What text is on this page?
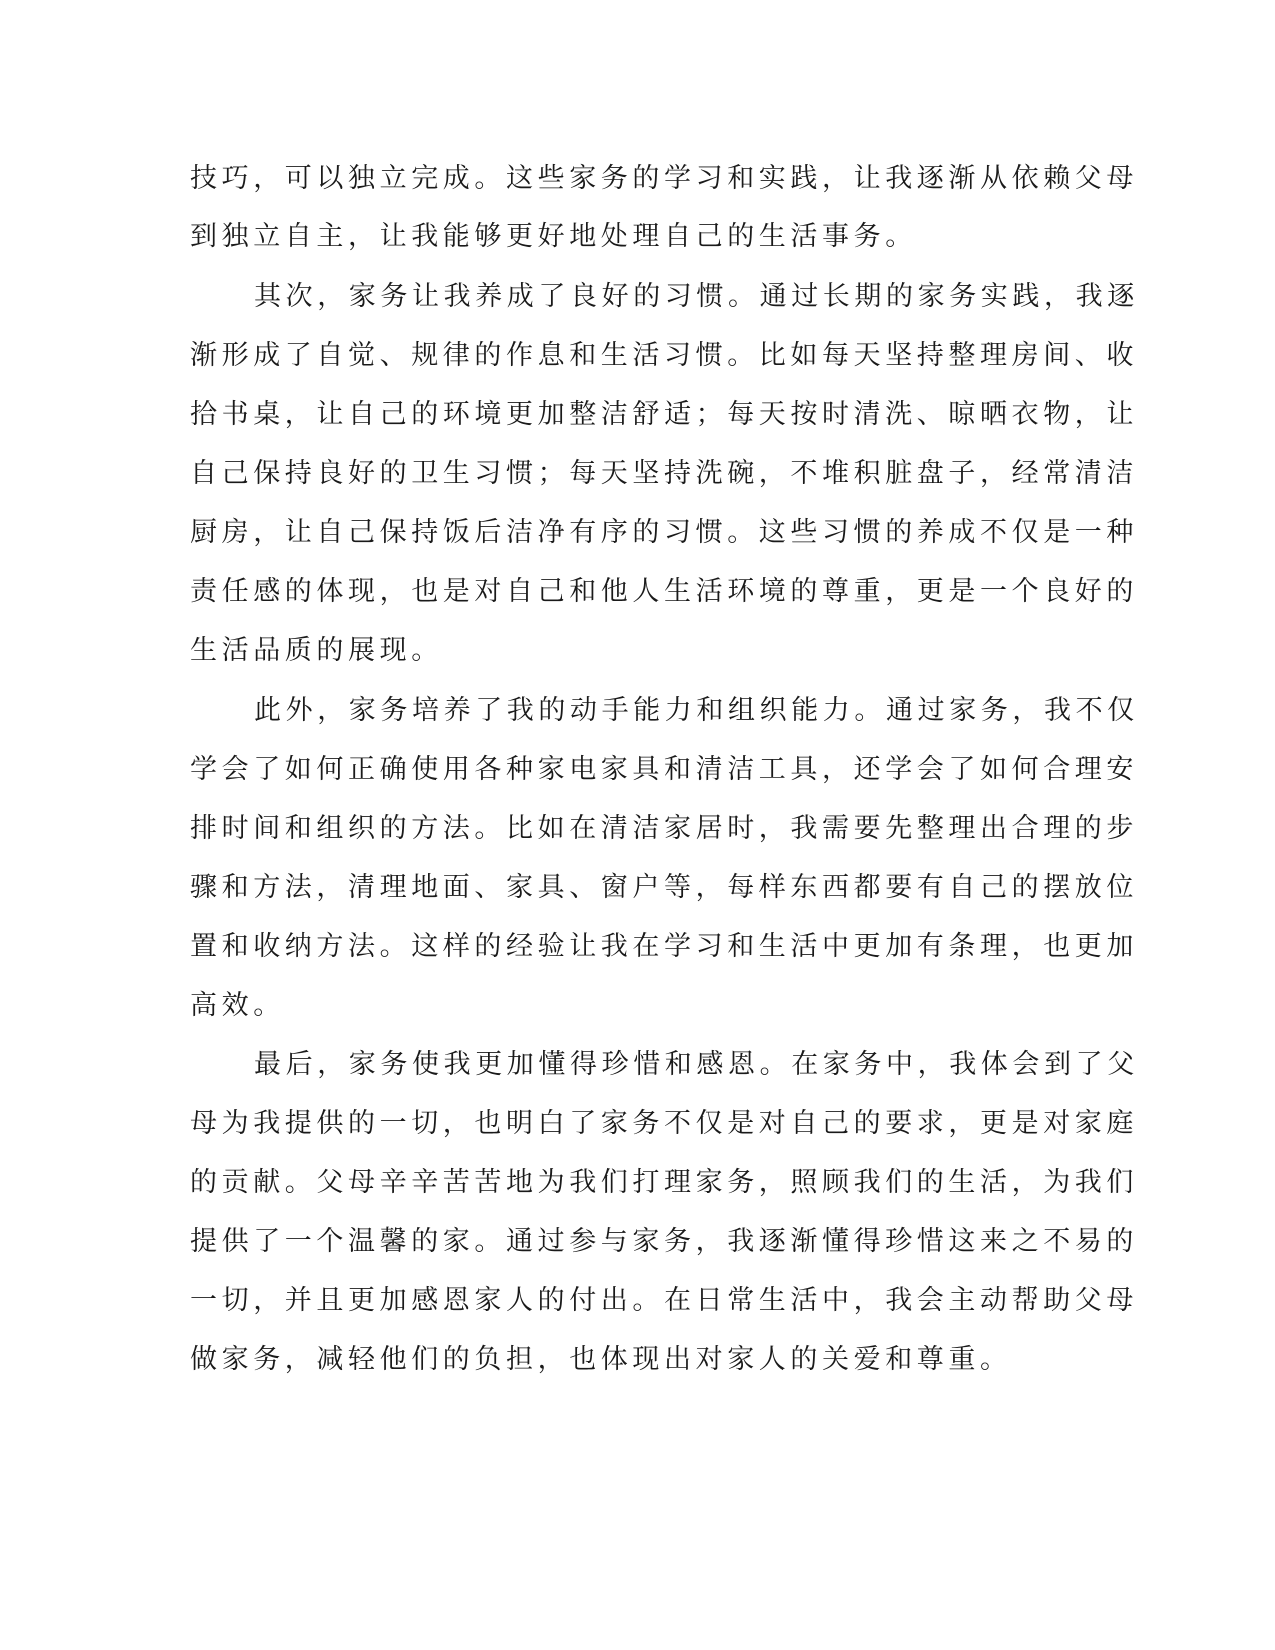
技巧，可以独立完成。这些家务的学习和实践，让我逐渐从依赖父母
到独立自主，让我能够更好地处理自己的生活事务。
其次，家务让我养成了良好的习惯。通过长期的家务实践，我逐
渐形成了自觉、规律的作息和生活习惯。比如每天坚持整理房间、收
拾书桌，让自己的环境更加整洁舒适；每天按时清洗、晾晒衣物，让
自己保持良好的卫生习惯；每天坚持洗碗，不堆积脏盘子，经常清洁
厨房，让自己保持饭后洁净有序的习惯。这些习惯的养成不仅是一种
责任感的体现，也是对自己和他人生活环境的尊重，更是一个良好的
生活品质的展现。
此外，家务培养了我的动手能力和组织能力。通过家务，我不仅
学会了如何正确使用各种家电家具和清洁工具，还学会了如何合理安
排时间和组织的方法。比如在清洁家居时，我需要先整理出合理的步
骤和方法，清理地面、家具、窗户等，每样东西都要有自己的摆放位
置和收纳方法。这样的经验让我在学习和生活中更加有条理，也更加
高效。
最后，家务使我更加懂得珍惜和感恩。在家务中，我体会到了父
母为我提供的一切，也明白了家务不仅是对自己的要求，更是对家庭
的贡献。父母辛辛苦苦地为我们打理家务，照顾我们的生活，为我们
提供了一个温馨的家。通过参与家务，我逐渐懂得珍惜这来之不易的
一切，并且更加感恩家人的付出。在日常生活中，我会主动帮助父母
做家务，减轻他们的负担，也体现出对家人的关爱和尊重。
